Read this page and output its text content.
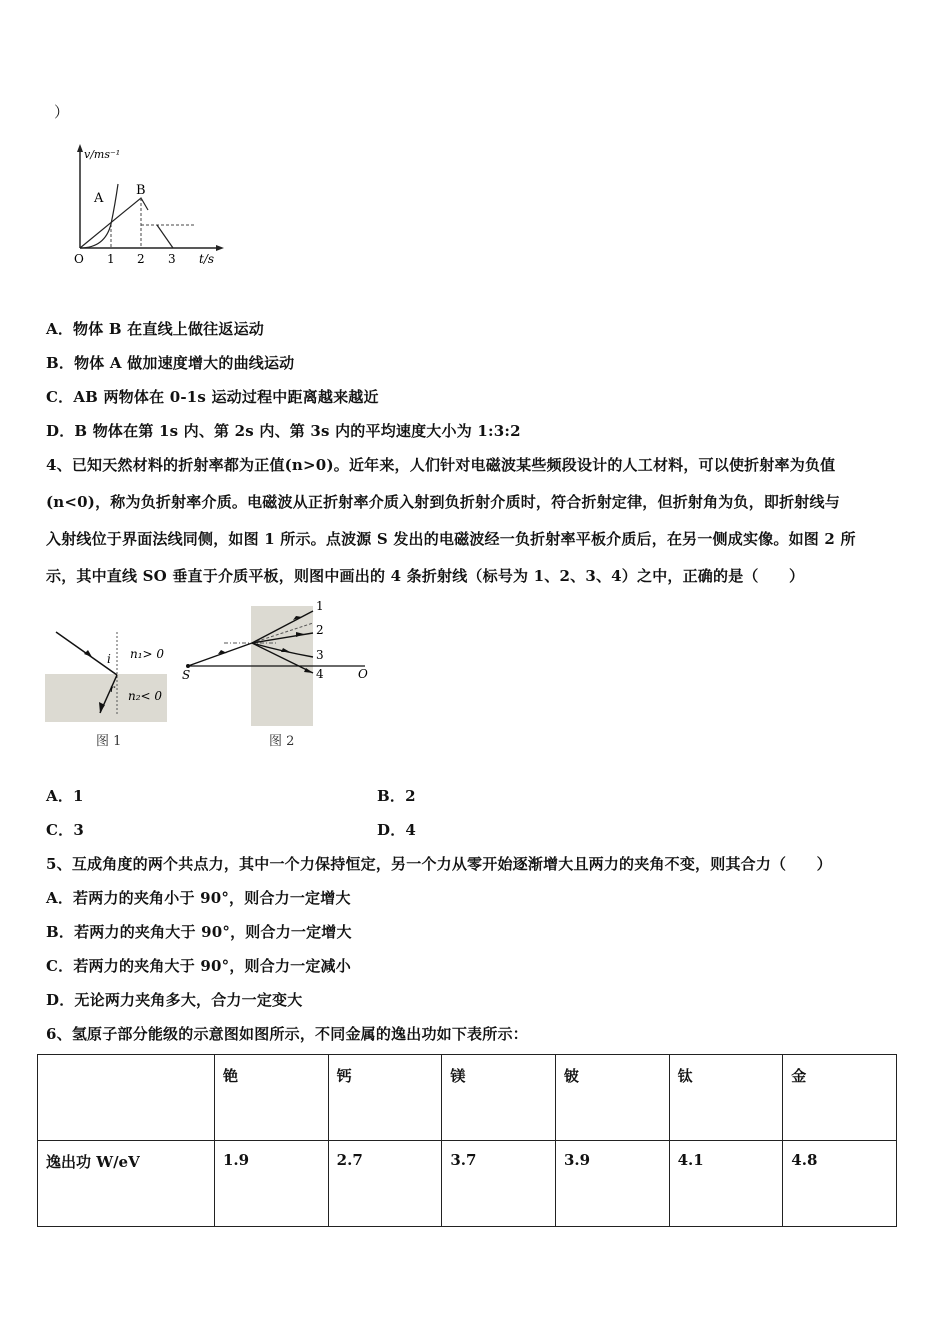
）
v/ms⁻¹
A
B
O 1 2 3 t/s
A．物体 B 在直线上做往返运动
B．物体 A 做加速度增大的曲线运动
C．AB 两物体在 0-1s 运动过程中距离越来越近
D．B 物体在第 1s 内、第 2s 内、第 3s 内的平均速度大小为 1:3:2
4、已知天然材料的折射率都为正值(n>0)。近年来，人们针对电磁波某些频段设计的人工材料，可以使折射率为负值
(n<0)，称为负折射率介质。电磁波从正折射率介质入射到负折射介质时，符合折射定律，但折射角为负，即折射线与
入射线位于界面法线同侧，如图 1 所示。点波源 S 发出的电磁波经一负折射率平板介质后，在另一侧成实像。如图 2 所
示，其中直线 SO 垂直于介质平板，则图中画出的 4 条折射线（标号为 1、2、3、4）之中，正确的是（　　）
i
r
n₁> 0
n₂< 0
图 1
S	O
1
2
3
4
图 2
A．1	B．2
C．3	D．4
5、互成角度的两个共点力，其中一个力保持恒定，另一个力从零开始逐渐增大且两力的夹角不变，则其合力（　　）
A．若两力的夹角小于 90°，则合力一定增大
B．若两力的夹角大于 90°，则合力一定增大
C．若两力的夹角大于 90°，则合力一定减小
D．无论两力夹角多大，合力一定变大
6、氢原子部分能级的示意图如图所示，不同金属的逸出功如下表所示：
	铯	钙	镁	铍	钛	金
逸出功 W/eV	1.9	2.7	3.7	3.9	4.1	4.8
